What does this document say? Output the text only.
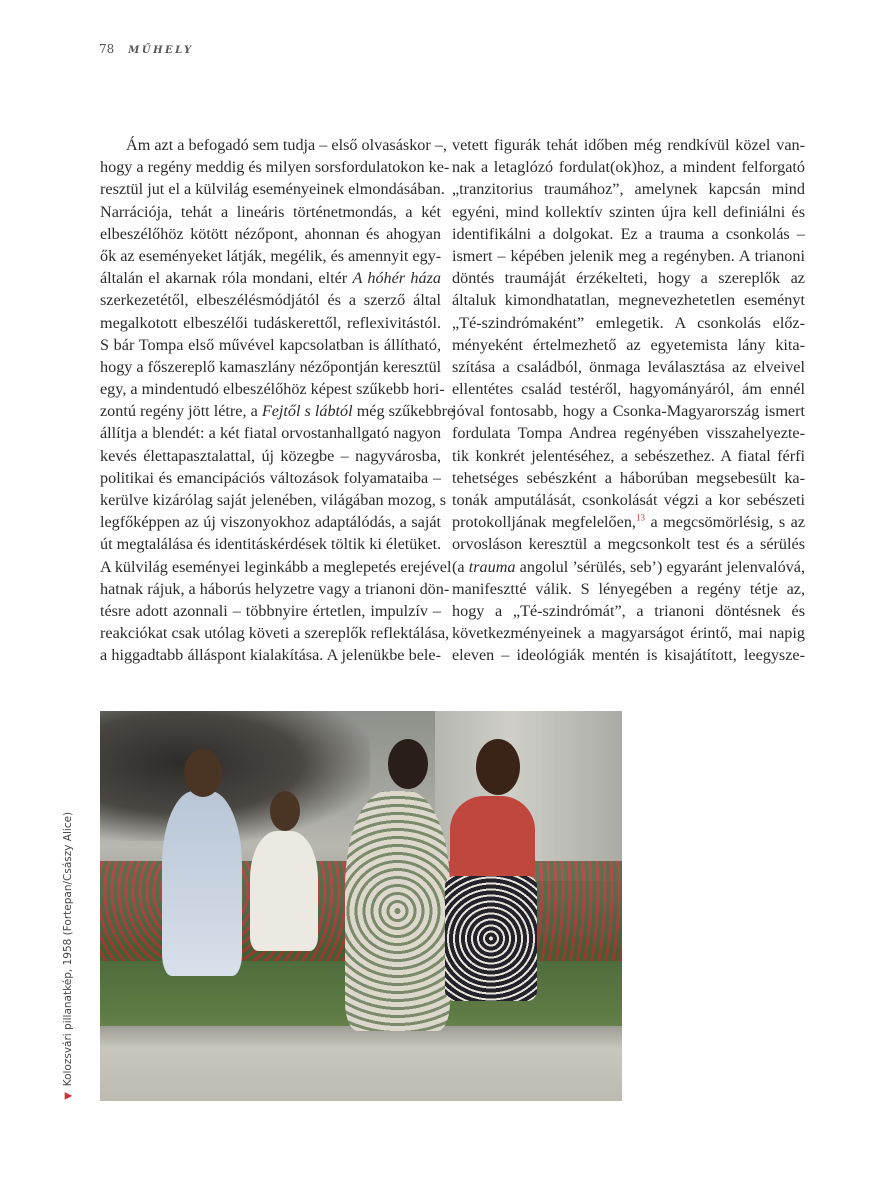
78 MŰHELY
Ám azt a befogadó sem tudja – első olvasáskor –,
hogy a regény meddig és milyen sorsfordulatokon ke-
resztül jut el a külvilág eseményeinek elmondásában.
Narrációja, tehát a lineáris történetmondás, a két
elbeszélőhöz kötött nézőpont, ahonnan és ahogyan
ők az eseményeket látják, megélik, és amennyit egy-
általán el akarnak róla mondani, eltér A hóhér háza
szerkezetétől, elbeszélésmódjától és a szerző által
megalkotott elbeszélői tudáskerettől, reflexivitástól.
S bár Tompa első művével kapcsolatban is állítható,
hogy a főszereplő kamaszlány nézőpontján keresztül
egy, a mindentudó elbeszélőhöz képest szűkebb hori-
zontú regény jött létre, a Fejtől s lábtól még szűkebbre
állítja a blendét: a két fiatal orvostanhallgató nagyon
kevés élettapasztalattal, új közegbe – nagyvárosba,
politikai és emancipációs változások folyamataiba –
kerülve kizárólag saját jelenében, világában mozog, s
legfőképpen az új viszonyokhoz adaptálódás, a saját
út megtalálása és identitáskérdések töltik ki életüket.
A külvilág eseményei leginkább a meglepetés erejével
hatnak rájuk, a háborús helyzetre vagy a trianoni dön-
tésre adott azonnali – többnyire értetlen, impulzív –
reakciókat csak utólag követi a szereplők reflektálása,
a higgadtabb álláspont kialakítása. A jelenükbe bele-
vetett figurák tehát időben még rendkívül közel van-
nak a letaglózó fordulat(ok)hoz, a mindent felforgató
„tranzitorius traumához”, amelynek kapcsán mind
egyéni, mind kollektív szinten újra kell definiálni és
identifikálni a dolgokat. Ez a trauma a csonkolás –
ismert – képében jelenik meg a regényben. A trianoni
döntés traumáját érzékelteti, hogy a szereplők az
általuk kimondhatatlan, megnevezhetetlen eseményt
„Té-szindrómaként” emlegetik. A csonkolás előz-
ményeként értelmezhető az egyetemista lány kita-
szítása a családból, önmaga leválasztása az elveivel
ellentétes család testéről, hagyományáról, ám ennél
jóval fontosabb, hogy a Csonka-Magyarország ismert
fordulata Tompa Andrea regényében visszahelyezte-
tik konkrét jelentéséhez, a sebészethez. A fiatal férfi
tehetséges sebészként a háborúban megsebesült ka-
tonák amputálását, csonkolását végzi a kor sebészeti
protokolljának megfelelően,$^{13}$ a megcsömörlésig, s az
orvosláson keresztül a megcsonkolt test és a sérülés
(a trauma angolul ’sérülés, seb’) egyaránt jelenvalóvá,
manifesztté válik. S lényegében a regény tétje az,
hogy a „Té-szindrómát”, a trianoni döntésnek és
következményeinek a magyarságot érintő, mai napig
eleven – ideológiák mentén is kisajátított, leegysze-
▶
Kolozsvári pillanatkép, 1958 (Fortepan/Császy Alice)
